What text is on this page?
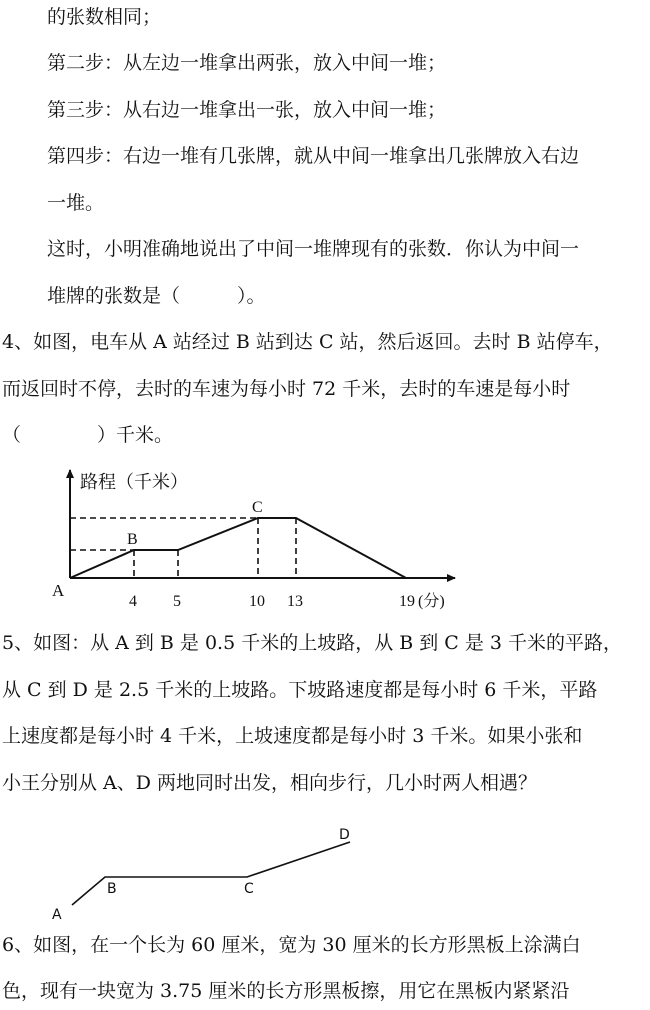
的张数相同；
第二步：从左边一堆拿出两张，放入中间一堆；
第三步：从右边一堆拿出一张，放入中间一堆；
第四步：右边一堆有几张牌，就从中间一堆拿出几张牌放入右边
一堆。
这时，小明准确地说出了中间一堆牌现有的张数．你认为中间一
堆牌的张数是（　　　）。
4、如图，电车从 A 站经过 B 站到达 C 站，然后返回。去时 B 站停车，
而返回时不停，去时的车速为每小时 72 千米，去时的车速是每小时
（　　　　）千米。
路程（千米）
A
B
C
4 5	10 13	19 (分)
A
B	C
D
5、如图：从 A 到 B 是 0.5 千米的上坡路，从 B 到 C 是 3 千米的平路，
从 C 到 D 是 2.5 千米的上坡路。下坡路速度都是每小时 6 千米，平路
上速度都是每小时 4 千米，上坡速度都是每小时 3 千米。如果小张和
小王分别从 A、D 两地同时出发，相向步行，几小时两人相遇？
6、如图，在一个长为 60 厘米，宽为 30 厘米的长方形黑板上涂满白
色，现有一块宽为 3.75 厘米的长方形黑板擦，用它在黑板内紧紧沿
